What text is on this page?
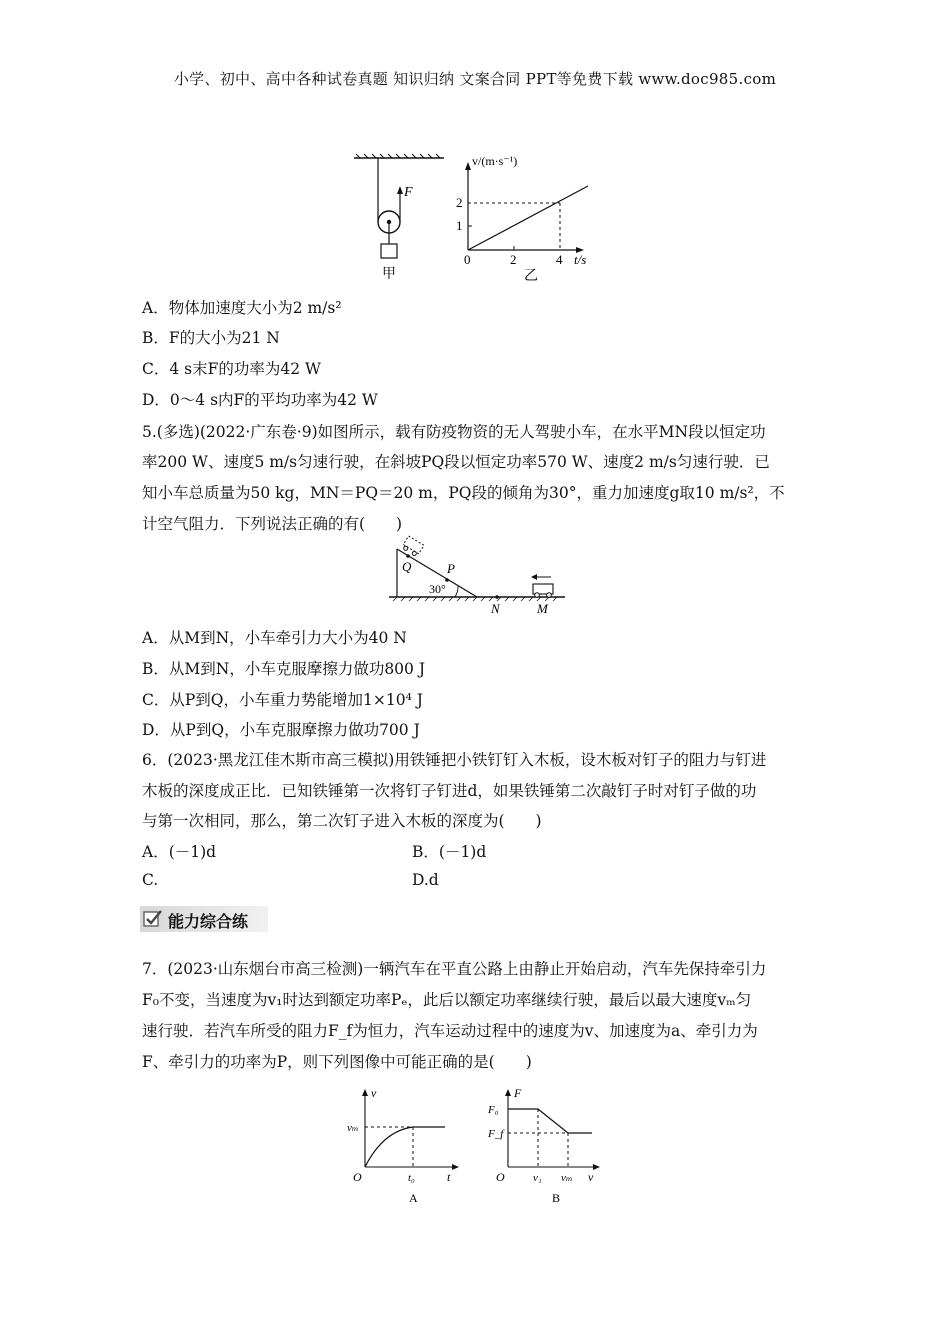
小学、初中、高中各种试卷真题 知识归纳 文案合同 PPT等免费下载 www.doc985.com
F
甲
v/(m·s⁻¹)
2
1
0	2	4 t/s
乙
A．物体加速度大小为2 m/s²
B．F的大小为21 N
C．4 s末F的功率为42 W
D．0～4 s内F的平均功率为42 W
5.(多选)(2022·广东卷·9)如图所示，载有防疫物资的无人驾驶小车，在水平MN段以恒定功
率200 W、速度5 m/s匀速行驶，在斜坡PQ段以恒定功率570 W、速度2 m/s匀速行驶．已
知小车总质量为50 kg，MN＝PQ＝20 m，PQ段的倾角为30°，重力加速度g取10 m/s²，不
计空气阻力．下列说法正确的有(　　)
Q	P
30°
N	M
A．从M到N，小车牵引力大小为40 N
B．从M到N，小车克服摩擦力做功800 J
C．从P到Q，小车重力势能增加1×10⁴ J
D．从P到Q，小车克服摩擦力做功700 J
6．(2023·黑龙江佳木斯市高三模拟)用铁锤把小铁钉钉入木板，设木板对钉子的阻力与钉进
木板的深度成正比．已知铁锤第一次将钉子钉进d，如果铁锤第二次敲钉子时对钉子做的功
与第一次相同，那么，第二次钉子进入木板的深度为(　　)
A．(－1)d	B．(－1)d
C.	D.d
能力综合练
7．(2023·山东烟台市高三检测)一辆汽车在平直公路上由静止开始启动，汽车先保持牵引力
F₀不变，当速度为v₁时达到额定功率Pₑ，此后以额定功率继续行驶，最后以最大速度vₘ匀
速行驶．若汽车所受的阻力F_f为恒力，汽车运动过程中的速度为v、加速度为a、牵引力为
F、牵引力的功率为P，则下列图像中可能正确的是(　　)
v
vₘ
O	t₀	t
A
F
F₀
F_f
O	v₁ vₘ v
B
